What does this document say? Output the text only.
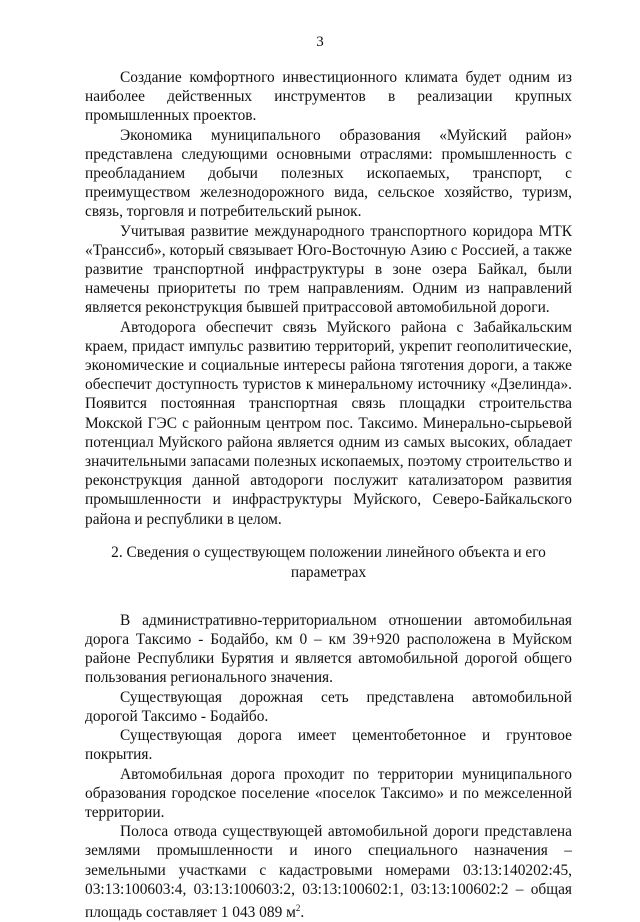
3

Создание комфортного инвестиционного климата будет одним из наиболее действенных инструментов в реализации крупных промышленных проектов.

Экономика муниципального образования «Муйский район» представлена следующими основными отраслями: промышленность с преобладанием добычи полезных ископаемых, транспорт, с преимуществом железнодорожного вида, сельское хозяйство, туризм, связь, торговля и потребительский рынок.

Учитывая развитие международного транспортного коридора МТК «Транссиб», который связывает Юго-Восточную Азию с Россией, а также развитие транспортной инфраструктуры в зоне озера Байкал, были намечены приоритеты по трем направлениям. Одним из направлений является реконструкция бывшей притрассовой автомобильной дороги.

Автодорога обеспечит связь Муйского района с Забайкальским краем, придаст импульс развитию территорий, укрепит геополитические, экономические и социальные интересы района тяготения дороги, а также обеспечит доступность туристов к минеральному источнику «Дзелинда». Появится постоянная транспортная связь площадки строительства Мокской ГЭС с районным центром пос. Таксимо. Минерально-сырьевой потенциал Муйского района является одним из самых высоких, обладает значительными запасами полезных ископаемых, поэтому строительство и реконструкция данной автодороги послужит катализатором развития промышленности и инфраструктуры Муйского, Северо-Байкальского района и республики в целом.

2. Сведения о существующем положении линейного объекта и его
параметрах

В административно-территориальном отношении автомобильная дорога Таксимо - Бодайбо, км 0 – км 39+920 расположена в Муйском районе Республики Бурятия и является автомобильной дорогой общего пользования регионального значения.

Существующая дорожная сеть представлена автомобильной дорогой Таксимо - Бодайбо.

Существующая дорога имеет цементобетонное и грунтовое покрытия.

Автомобильная дорога проходит по территории муниципального образования городское поселение «поселок Таксимо» и по межселенной территории.

Полоса отвода существующей автомобильной дороги представлена землями промышленности и иного специального назначения – земельными участками с кадастровыми номерами 03:13:140202:45, 03:13:100603:4, 03:13:100603:2, 03:13:100602:1, 03:13:100602:2 – общая площадь составляет 1 043 089 $м^2$.
